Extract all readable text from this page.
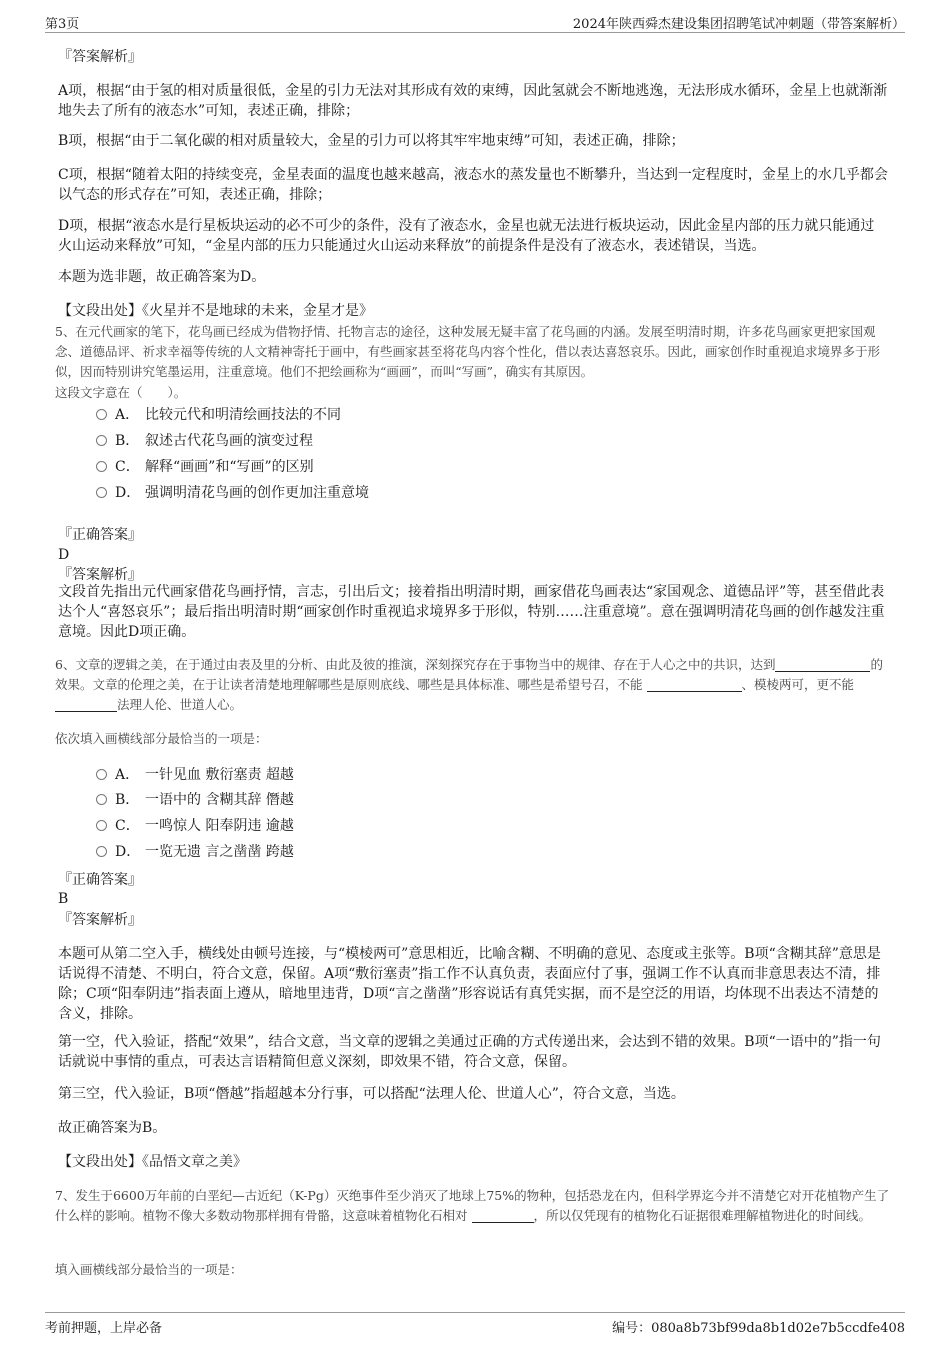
第3页	2024年陕西舜杰建设集团招聘笔试冲刺题（带答案解析）
『答案解析』
A项，根据“由于氢的相对质量很低，金星的引力无法对其形成有效的束缚，因此氢就会不断地逃逸，无法形成水循环，金星上也就渐渐地失去了所有的液态水”可知，表述正确，排除；
B项，根据“由于二氧化碳的相对质量较大，金星的引力可以将其牢牢地束缚”可知，表述正确，排除；
C项，根据“随着太阳的持续变亮，金星表面的温度也越来越高，液态水的蒸发量也不断攀升，当达到一定程度时，金星上的水几乎都会以气态的形式存在”可知，表述正确，排除；
D项，根据“液态水是行星板块运动的必不可少的条件，没有了液态水，金星也就无法进行板块运动，因此金星内部的压力就只能通过火山运动来释放”可知，“金星内部的压力只能通过火山运动来释放”的前提条件是没有了液态水，表述错误，当选。
本题为选非题，故正确答案为D。
【文段出处】《火星并不是地球的未来，金星才是》
5、在元代画家的笔下，花鸟画已经成为借物抒情、托物言志的途径，这种发展无疑丰富了花鸟画的内涵。发展至明清时期，许多花鸟画家更把家国观念、道德品评、祈求幸福等传统的人文精神寄托于画中，有些画家甚至将花鸟内容个性化，借以表达喜怒哀乐。因此，画家创作时重视追求境界多于形似，因而特别讲究笔墨运用，注重意境。他们不把绘画称为“画画”，而叫“写画”，确实有其原因。
这段文字意在（　　）。
A． 比较元代和明清绘画技法的不同
B． 叙述古代花鸟画的演变过程
C． 解释“画画”和“写画”的区别
D． 强调明清花鸟画的创作更加注重意境
『正确答案』
D
『答案解析』
文段首先指出元代画家借花鸟画抒情，言志，引出后文；接着指出明清时期，画家借花鸟画表达“家国观念、道德品评”等，甚至借此表达个人“喜怒哀乐”；最后指出明清时期“画家创作时重视追求境界多于形似，特别……注重意境”。意在强调明清花鸟画的创作越发注重意境。因此D项正确。
6、文章的逻辑之美，在于通过由表及里的分析、由此及彼的推演，深刻探究存在于事物当中的规律、存在于人心之中的共识，达到	的效果。文章的伦理之美，在于让读者清楚地理解哪些是原则底线、哪些是具体标准、哪些是希望号召，不能	、模棱两可，更不能 法理人伦、世道人心。
依次填入画横线部分最恰当的一项是：
A． 一针见血 敷衍塞责 超越
B． 一语中的 含糊其辞 僭越
C． 一鸣惊人 阳奉阴违 逾越
D． 一览无遗 言之凿凿 跨越
『正确答案』
B
『答案解析』
本题可从第二空入手，横线处由顿号连接，与“模棱两可”意思相近，比喻含糊、不明确的意见、态度或主张等。B项“含糊其辞”意思是话说得不清楚、不明白，符合文意，保留。A项“敷衍塞责”指工作不认真负责，表面应付了事，强调工作不认真而非意思表达不清，排除；C项“阳奉阴违”指表面上遵从，暗地里违背，D项“言之凿凿”形容说话有真凭实据，而不是空泛的用语，均体现不出表达不清楚的含义，排除。
第一空，代入验证，搭配“效果”，结合文意，当文章的逻辑之美通过正确的方式传递出来，会达到不错的效果。B项“一语中的”指一句话就说中事情的重点，可表达言语精简但意义深刻，即效果不错，符合文意，保留。
第三空，代入验证，B项“僭越”指超越本分行事，可以搭配“法理人伦、世道人心”，符合文意，当选。
故正确答案为B。
【文段出处】《品悟文章之美》
7、发生于6600万年前的白垩纪—古近纪（K-Pg）灭绝事件至少消灭了地球上75%的物种，包括恐龙在内，但科学界迄今并不清楚它对开花植物产生了什么样的影响。植物不像大多数动物那样拥有骨骼，这意味着植物化石相对	，所以仅凭现有的植物化石证据很难理解植物进化的时间线。
填入画横线部分最恰当的一项是：
考前押题，上岸必备	编号：080a8b73bf99da8b1d02e7b5ccdfe408
